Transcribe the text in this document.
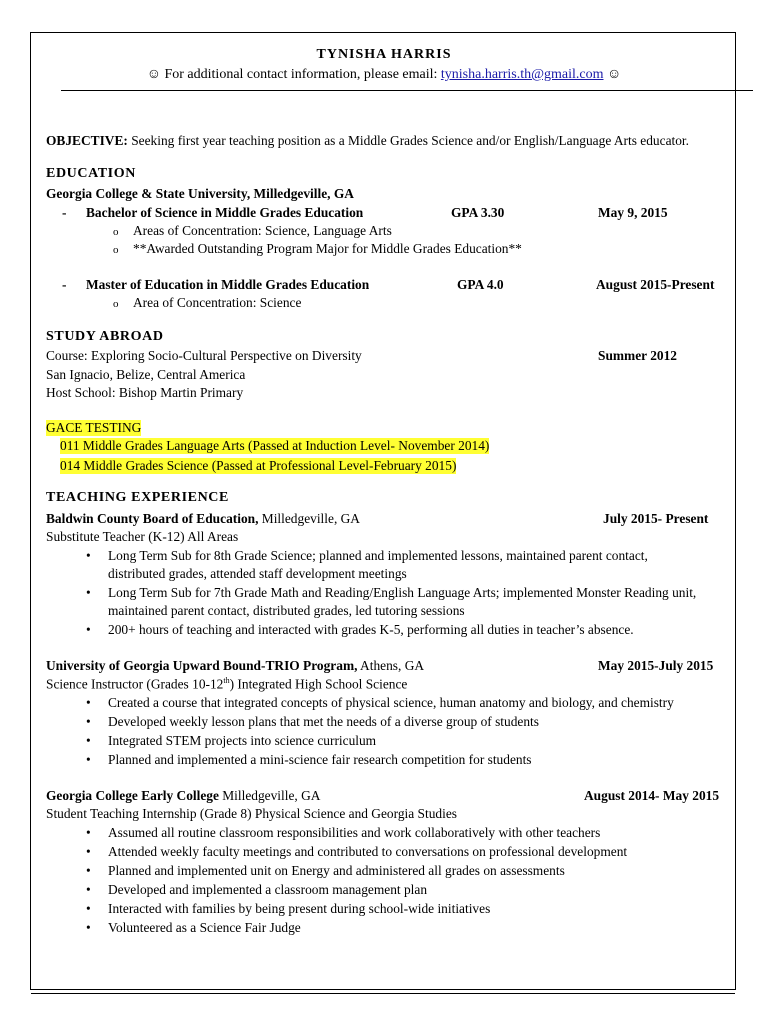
TYNISHA HARRIS
☺ For additional contact information, please email: tynisha.harris.th@gmail.com ☺
OBJECTIVE: Seeking first year teaching position as a Middle Grades Science and/or English/Language Arts educator.
EDUCATION
Georgia College & State University, Milledgeville, GA
- Bachelor of Science in Middle Grades Education	GPA 3.30	May 9, 2015
o Areas of Concentration: Science, Language Arts
o **Awarded Outstanding Program Major for Middle Grades Education**
- Master of Education in Middle Grades Education	GPA 4.0	August 2015-Present
o Area of Concentration: Science
STUDY ABROAD
Course: Exploring Socio-Cultural Perspective on Diversity	Summer 2012
San Ignacio, Belize, Central America
Host School: Bishop Martin Primary
GACE TESTING
011 Middle Grades Language Arts (Passed at Induction Level- November 2014)
014 Middle Grades Science (Passed at Professional Level-February 2015)
TEACHING EXPERIENCE
Baldwin County Board of Education, Milledgeville, GA	July 2015- Present
Substitute Teacher (K-12) All Areas
• Long Term Sub for 8th Grade Science; planned and implemented lessons, maintained parent contact,
distributed grades, attended staff development meetings
• Long Term Sub for 7th Grade Math and Reading/English Language Arts; implemented Monster Reading unit,
maintained parent contact, distributed grades, led tutoring sessions
• 200+ hours of teaching and interacted with grades K-5, performing all duties in teacher’s absence.
University of Georgia Upward Bound-TRIO Program, Athens, GA	May 2015-July 2015
Science Instructor (Grades 10-12th) Integrated High School Science
• Created a course that integrated concepts of physical science, human anatomy and biology, and chemistry
• Developed weekly lesson plans that met the needs of a diverse group of students
• Integrated STEM projects into science curriculum
• Planned and implemented a mini-science fair research competition for students
Georgia College Early College Milledgeville, GA	August 2014- May 2015
Student Teaching Internship (Grade 8) Physical Science and Georgia Studies
• Assumed all routine classroom responsibilities and work collaboratively with other teachers
• Attended weekly faculty meetings and contributed to conversations on professional development
• Planned and implemented unit on Energy and administered all grades on assessments
• Developed and implemented a classroom management plan
• Interacted with families by being present during school-wide initiatives
• Volunteered as a Science Fair Judge
